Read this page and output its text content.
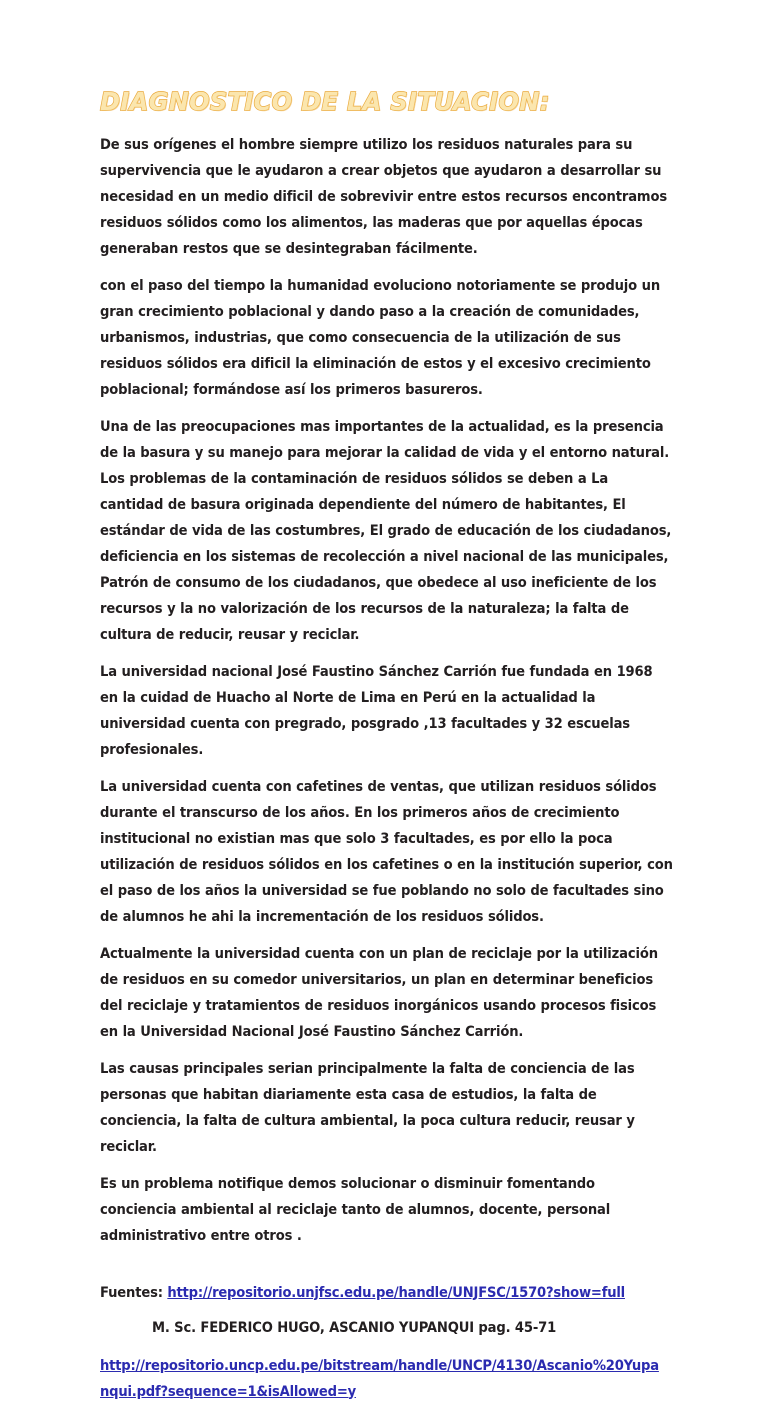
DIAGNOSTICO DE LA SITUACION:

De sus orígenes el hombre siempre utilizo los residuos naturales para su supervivencia que le ayudaron a crear objetos que ayudaron a desarrollar su necesidad en un medio dificil de sobrevivir entre estos recursos encontramos residuos sólidos como los alimentos, las maderas que por aquellas épocas generaban restos que se desintegraban fácilmente.

con el paso del tiempo la humanidad evoluciono notoriamente se produjo un gran crecimiento poblacional y dando paso a la creación de comunidades, urbanismos, industrias, que como consecuencia de la utilización de sus residuos sólidos era dificil la eliminación de estos y el excesivo crecimiento poblacional; formándose así los primeros basureros.

Una de las preocupaciones mas importantes de la actualidad, es la presencia de la basura y su manejo para mejorar la calidad de vida y el entorno natural. Los problemas de la contaminación de residuos sólidos se deben a La cantidad de basura originada dependiente del número de habitantes, El estándar de vida de las costumbres, El grado de educación de los ciudadanos, deficiencia en los sistemas de recolección a nivel nacional de las municipales, Patrón de consumo de los ciudadanos, que obedece al uso ineficiente de los recursos y la no valorización de los recursos de la naturaleza; la falta de cultura de reducir, reusar y reciclar.

La universidad nacional José Faustino Sánchez Carrión fue fundada en 1968 en la cuidad de Huacho al Norte de Lima en Perú en la actualidad la universidad cuenta con pregrado, posgrado ,13 facultades y 32 escuelas profesionales.

La universidad cuenta con cafetines de ventas, que utilizan residuos sólidos durante el transcurso de los años. En los primeros años de crecimiento institucional no existian mas que solo 3 facultades, es por ello la poca utilización de residuos sólidos en los cafetines o en la institución superior, con el paso de los años la universidad se fue poblando no solo de facultades sino de alumnos he ahi la incrementación de los residuos sólidos.

Actualmente la universidad cuenta con un plan de reciclaje por la utilización de residuos en su comedor universitarios, un plan en determinar beneficios del reciclaje y tratamientos de residuos inorgánicos usando procesos fisicos en la Universidad Nacional José Faustino Sánchez Carrión.

Las causas principales serian principalmente la falta de conciencia de las personas que habitan diariamente esta casa de estudios, la falta de conciencia, la falta de cultura ambiental, la poca cultura reducir, reusar y reciclar.

Es un problema notifique demos solucionar o disminuir fomentando conciencia ambiental al reciclaje tanto de alumnos, docente, personal administrativo entre otros .

Fuentes: http://repositorio.unjfsc.edu.pe/handle/UNJFSC/1570?show=full

M. Sc. FEDERICO HUGO, ASCANIO YUPANQUI pag. 45-71

http://repositorio.uncp.edu.pe/bitstream/handle/UNCP/4130/Ascanio%20Yupanqui.pdf?sequence=1&isAllowed=y
